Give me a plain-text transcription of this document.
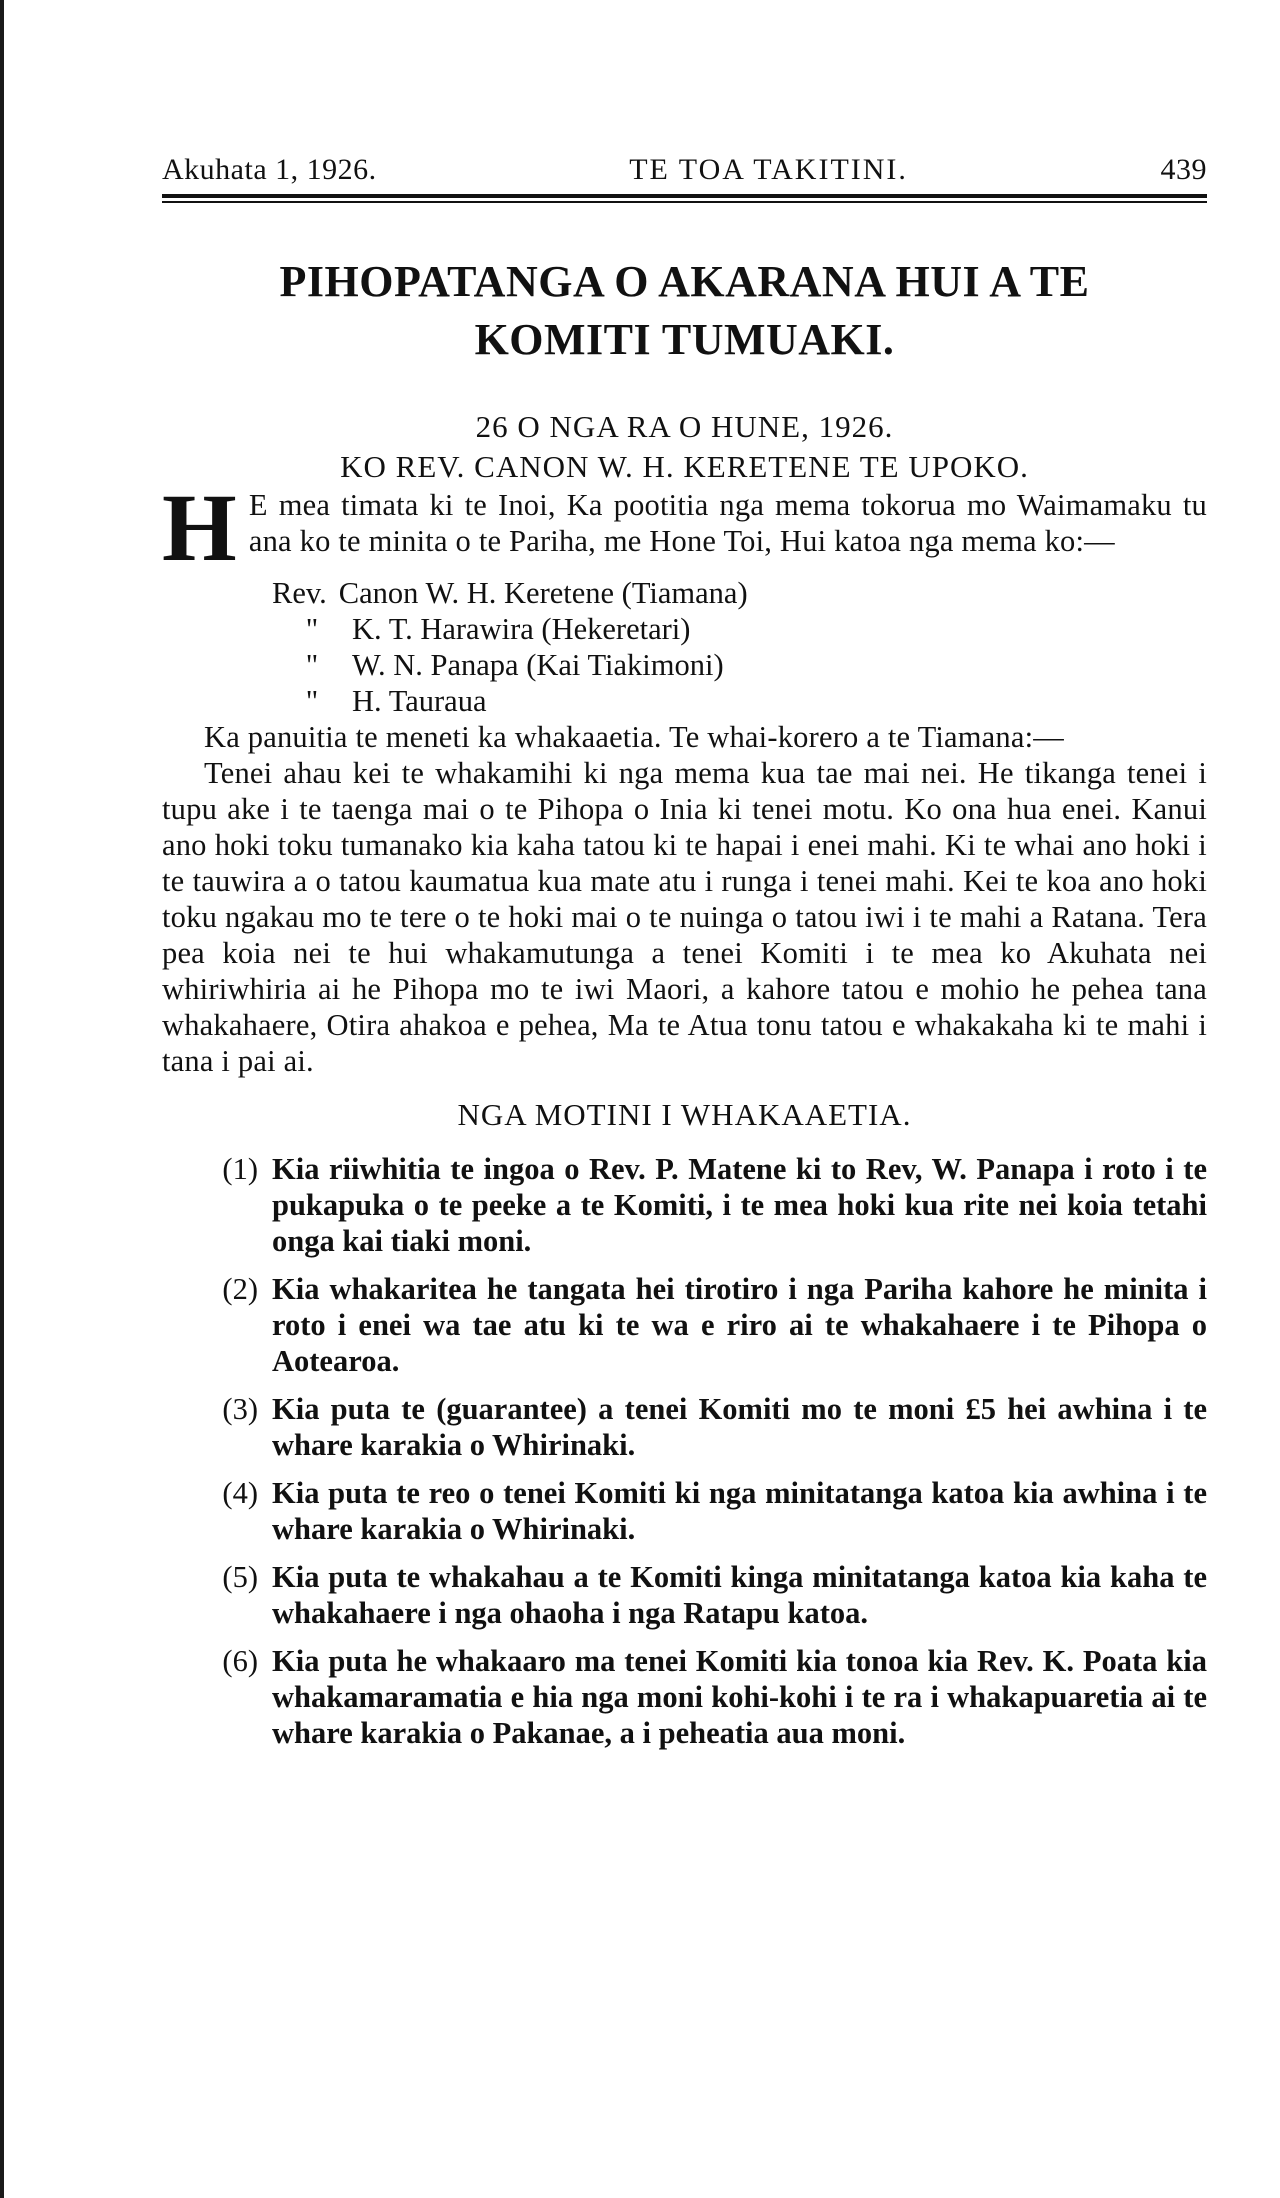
Akuhata 1, 1926.	TE TOA TAKITINI.	439
PIHOPATANGA O AKARANA HUI A TE
KOMITI TUMUAKI.
26 O NGA RA O HUNE, 1926.
KO REV. CANON W. H. KERETENE TE UPOKO.

H E mea timata ki te Inoi, Ka pootitia nga mema tokorua mo Waimamaku tu ana ko te minita o te Pariha, me Hone Toi, Hui katoa nga mema ko:—

Rev. Canon W. H. Keretene (Tiamana)
"	K. T. Harawira (Hekeretari)
"	W. N. Panapa (Kai Tiakimoni)
"	H. Tauraua

Ka panuitia te meneti ka whakaaetia. Te whai-korero a te Tiamana:—

Tenei ahau kei te whakamihi ki nga mema kua tae mai nei. He tikanga tenei i tupu ake i te taenga mai o te Pihopa o Inia ki tenei motu. Ko ona hua enei. Kanui ano hoki toku tumanako kia kaha tatou ki te hapai i enei mahi. Ki te whai ano hoki i te tauwira a o tatou kaumatua kua mate atu i runga i tenei mahi. Kei te koa ano hoki toku ngakau mo te tere o te hoki mai o te nuinga o tatou iwi i te mahi a Ratana. Tera pea koia nei te hui whakamutunga a tenei Komiti i te mea ko Akuhata nei whiriwhiria ai he Pihopa mo te iwi Maori, a kahore tatou e mohio he pehea tana whakahaere, Otira ahakoa e pehea, Ma te Atua tonu tatou e whakakaha ki te mahi i tana i pai ai.

NGA MOTINI I WHAKAAETIA.
(1) Kia riiwhitia te ingoa o Rev. P. Matene ki to Rev, W. Panapa i roto i te pukapuka o te peeke a te Komiti, i te mea hoki kua rite nei koia tetahi onga kai tiaki moni.
(2) Kia whakaritea he tangata hei tirotiro i nga Pariha kahore he minita i roto i enei wa tae atu ki te wa e riro ai te whakahaere i te Pihopa o Aotearoa.
(3) Kia puta te (guarantee) a tenei Komiti mo te moni £5 hei awhina i te whare karakia o Whirinaki.
(4) Kia puta te reo o tenei Komiti ki nga minitatanga katoa kia awhina i te whare karakia o Whirinaki.
(5) Kia puta te whakahau a te Komiti kinga minitatanga katoa kia kaha te whakahaere i nga ohaoha i nga Ratapu katoa.
(6) Kia puta he whakaaro ma tenei Komiti kia tonoa kia Rev. K. Poata kia whakamaramatia e hia nga moni kohi-kohi i te ra i whakapuaretia ai te whare karakia o Pakanae, a i peheatia aua moni.
